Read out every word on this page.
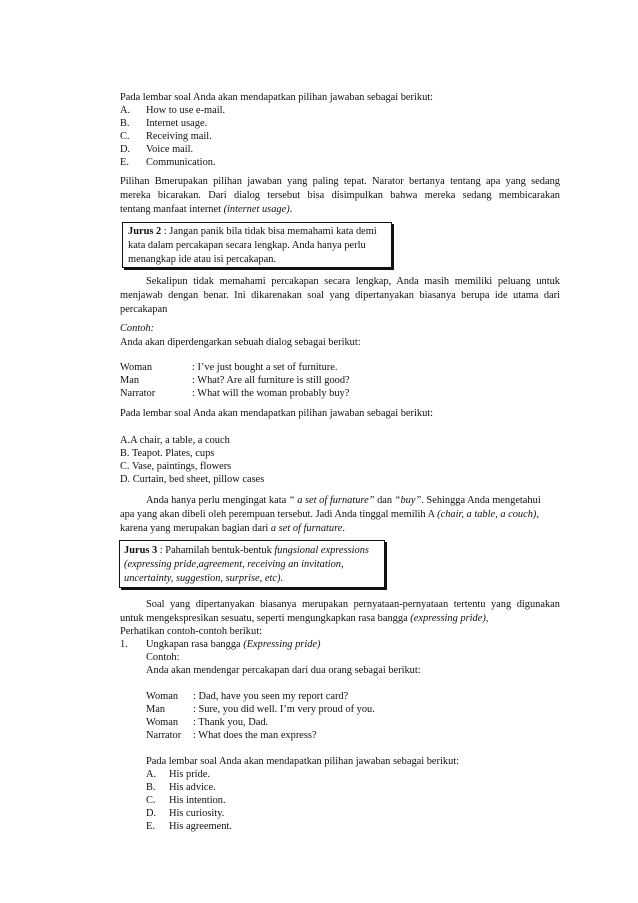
Pada lembar soal Anda akan mendapatkan pilihan jawaban sebagai berikut:
A. How to use e-mail.
B. Internet usage.
C. Receiving mail.
D. Voice mail.
E. Communication.
Pilihan Bmerupakan pilihan jawaban yang paling tepat. Narator bertanya tentang apa yang sedang
mereka bicarakan. Dari dialog tersebut bisa disimpulkan bahwa mereka sedang membicarakan
tentang manfaat internet (internet usage).
Jurus 2 : Jangan panik bila tidak bisa memahami kata demi
kata dalam percakapan secara lengkap. Anda hanya perlu
menangkap ide atau isi percakapan.
Sekalipun tidak memahami percakapan secara lengkap, Anda masih memiliki peluang untuk
menjawab dengan benar. Ini dikarenakan soal yang dipertanyakan biasanya berupa ide utama dari
percakapan
Contoh:
Anda akan diperdengarkan sebuah dialog sebagai berikut:
Woman	: I’ve just bought a set of furniture.
Man	: What? Are all furniture is still good?
Narrator	: What will the woman probably buy?
Pada lembar soal Anda akan mendapatkan pilihan jawaban sebagai berikut:
A.A chair, a table, a couch
B. Teapot. Plates, cups
C. Vase, paintings, flowers
D. Curtain, bed sheet, pillow cases
Anda hanya perlu mengingat kata “ a set of furnature” dan “buy”. Sehingga Anda mengetahui
apa yang akan dibeli oleh perempuan tersebut. Jadi Anda tinggal memilih A (chair, a table, a couch),
karena yang merupakan bagian dari a set of furnature.
Jurus 3 : Pahamilah bentuk-bentuk fungsional expressions
(expressing pride,agreement, receiving an invitation,
uncertainty, suggestion, surprise, etc).
Soal yang dipertanyakan biasanya merupakan pernyataan-pernyataan tertentu yang digunakan
untuk mengekspresikan sesuatu, seperti mengungkapkan rasa bangga (expressing pride),
Perhatikan contoh-contoh berikut:
1. Ungkapan rasa bangga (Expressing pride)
Contoh:
Anda akan mendengar percakapan dari dua orang sebagai berikut:
Woman : Dad, have you seen my report card?
Man	: Sure, you did well. I’m very proud of you.
Woman : Thank you, Dad.
Narrator : What does the man express?
Pada lembar soal Anda akan mendapatkan pilihan jawaban sebagai berikut:
A. His pride.
B. His advice.
C. His intention.
D. His curiosity.
E. His agreement.
